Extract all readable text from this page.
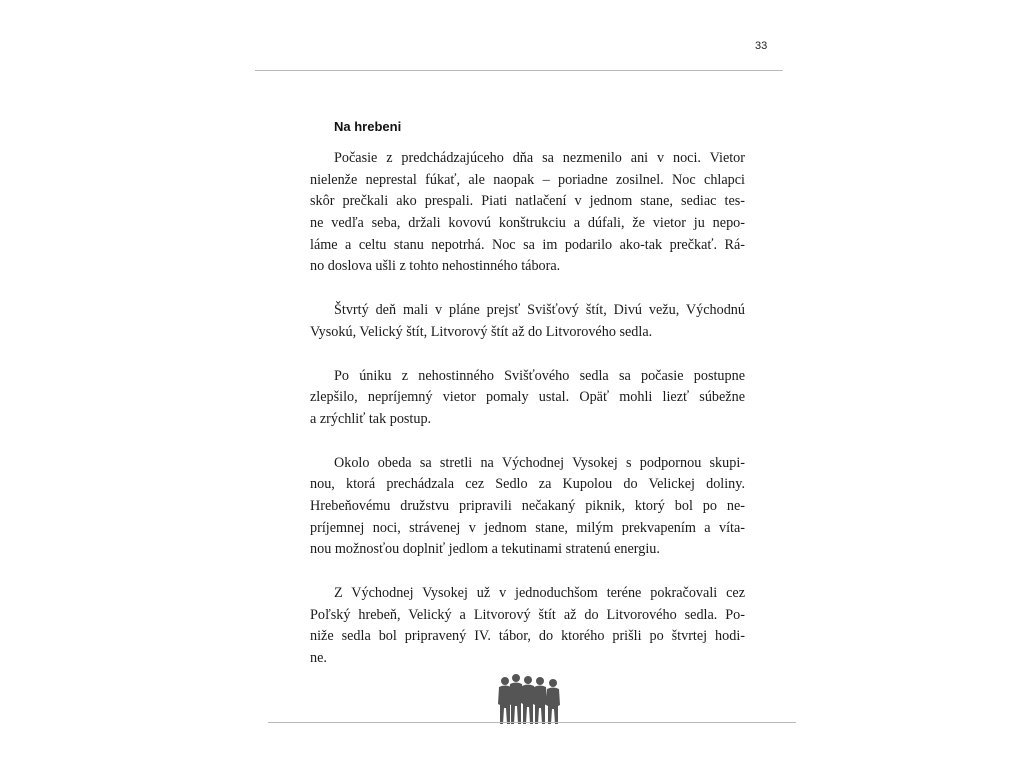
33
Na hrebeni
Počasie z predchádzajúceho dňa sa nezmenilo ani v noci. Vietor
nielenže neprestal fúkať, ale naopak – poriadne zosilnel. Noc chlapci
skôr prečkali ako prespali. Piati natlačení v jednom stane, sediac tes-
ne vedľa seba, držali kovovú konštrukciu a dúfali, že vietor ju nepo-
láme a celtu stanu nepotrhá. Noc sa im podarilo ako-tak prečkať. Rá-
no doslova ušli z tohto nehostinného tábora.
Štvrtý deň mali v pláne prejsť Svišťový štít, Divú vežu, Východnú
Vysokú, Velický štít, Litvorový štít až do Litvorového sedla.
Po úniku z nehostinného Svišťového sedla sa počasie postupne
zlepšilo, nepríjemný vietor pomaly ustal. Opäť mohli liezť súbežne
a zrýchliť tak postup.
Okolo obeda sa stretli na Východnej Vysokej s podpornou skupi-
nou, ktorá prechádzala cez Sedlo za Kupolou do Velickej doliny.
Hrebeňovému družstvu pripravili nečakaný piknik, ktorý bol po ne-
príjemnej noci, strávenej v jednom stane, milým prekvapením a víta-
nou možnosťou doplniť jedlom a tekutinami stratenú energiu.
Z Východnej Vysokej už v jednoduchšom teréne pokračovali cez
Poľský hrebeň, Velický a Litvorový štít až do Litvorového sedla. Po-
niže sedla bol pripravený IV. tábor, do ktorého prišli po štvrtej hodi-
ne.
